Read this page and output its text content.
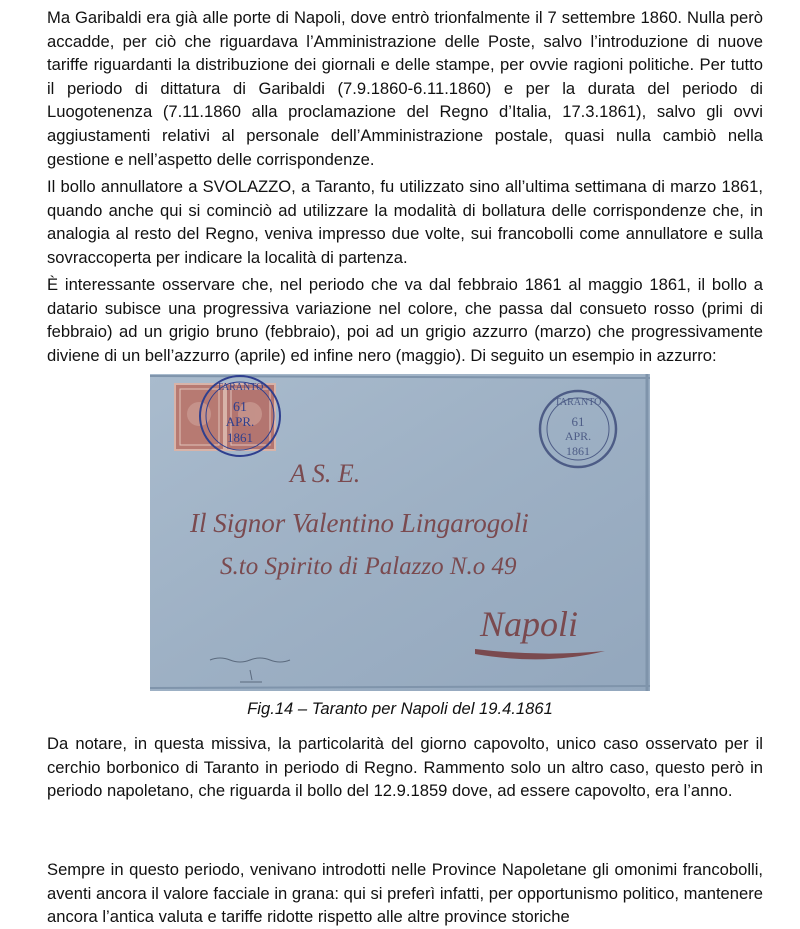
Ma Garibaldi era già alle porte di Napoli, dove entrò trionfalmente il 7 settembre 1860. Nulla però accadde, per ciò che riguardava l’Amministrazione delle Poste, salvo l’introduzione di nuove tariffe riguardanti la distribuzione dei giornali e delle stampe, per ovvie ragioni politiche. Per tutto il periodo di dittatura di Garibaldi (7.9.1860-6.11.1860) e per la durata del periodo di Luogotenenza (7.11.1860 alla proclamazione del Regno d’Italia, 17.3.1861), salvo gli ovvi aggiustamenti relativi al personale dell’Amministrazione postale, quasi nulla cambiò nella gestione e nell’aspetto delle corrispondenze.

Il bollo annullatore a SVOLAZZO, a Taranto, fu utilizzato sino all’ultima settimana di marzo 1861, quando anche qui si cominciò ad utilizzare la modalità di bollatura delle corrispondenze che, in analogia al resto del Regno, veniva impresso due volte, sui francobolli come annullatore e sulla sovraccoperta per indicare la località di partenza.

È interessante osservare che, nel periodo che va dal febbraio 1861 al maggio 1861, il bollo a datario subisce una progressiva variazione nel colore, che passa dal consueto rosso (primi di febbraio) ad un grigio bruno (febbraio), poi ad un grigio azzurro (marzo) che progressivamente diviene di un bell’azzurro (aprile) ed infine nero (maggio). Di seguito un esempio in azzurro:

TARANTO
61
APR.
1861
TARANTO
61
APR.
1861
A S. E.
Il Signor Valentino Lingarogoli
S.to Spirito di Palazzo N.o 49
Napoli
Fig.14 – Taranto per Napoli del 19.4.1861

Da notare, in questa missiva, la particolarità del giorno capovolto, unico caso osservato per il cerchio borbonico di Taranto in periodo di Regno. Rammento solo un altro caso, questo però in periodo napoletano, che riguarda il bollo del 12.9.1859 dove, ad essere capovolto, era l’anno.

Sempre in questo periodo, venivano introdotti nelle Province Napoletane gli omonimi francobolli, aventi ancora il valore facciale in grana: qui si preferì infatti, per opportunismo politico, mantenere ancora l’antica valuta e tariffe ridotte rispetto alle altre province storiche
